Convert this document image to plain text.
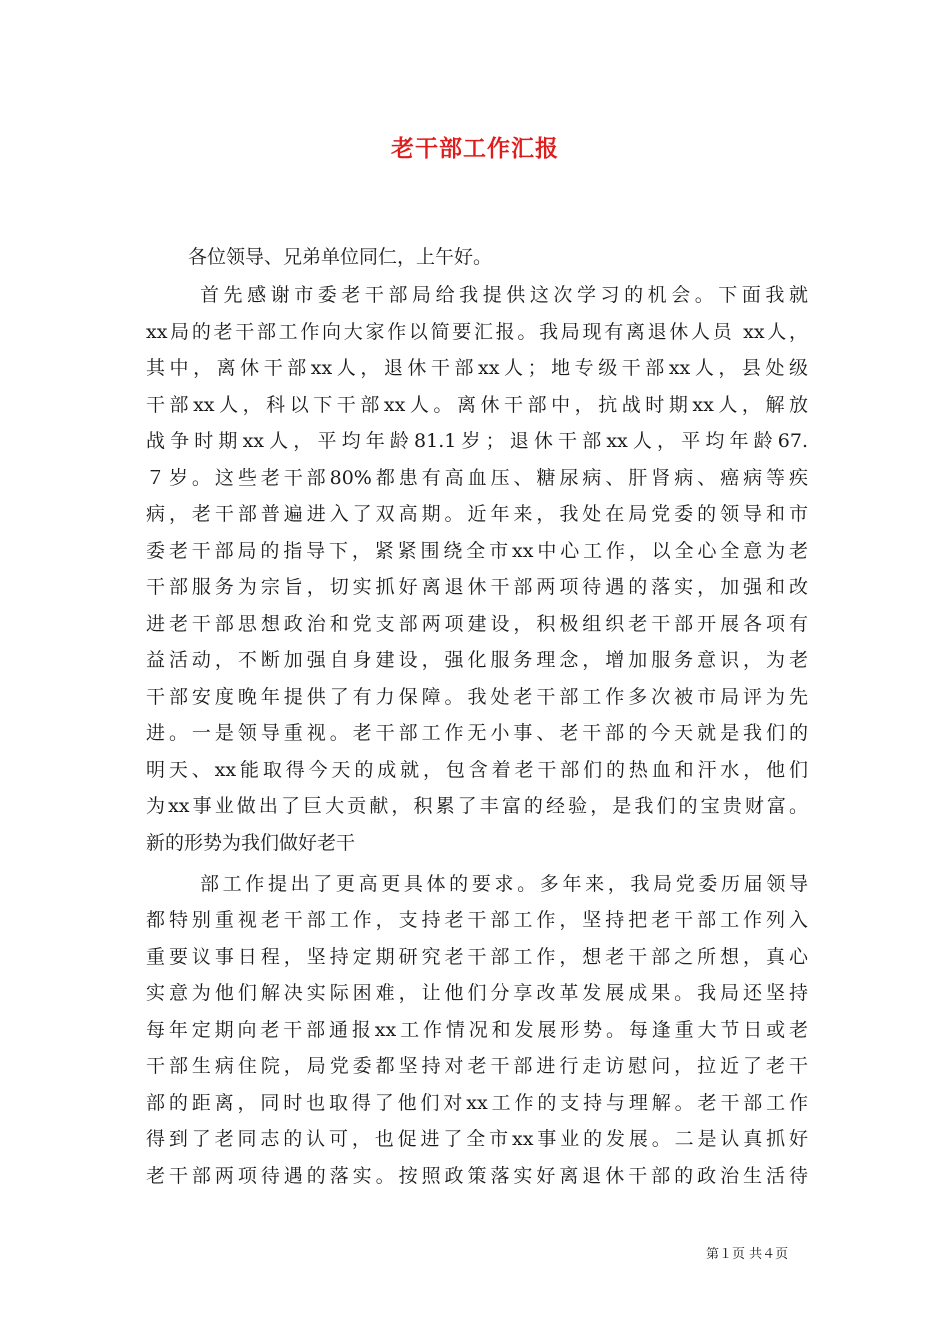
老干部工作汇报
各位领导、兄弟单位同仁，上午好。
首先感谢市委老干部局给我提供这次学习的机会。下面我就
xx局的老干部工作向大家作以简要汇报。我局现有离退休人员 xx人，
其中，离休干部xx人，退休干部xx人；地专级干部xx人，县处级
干部xx人，科以下干部xx人。离休干部中，抗战时期xx人，解放
战争时期xx人，平均年龄81.1岁；退休干部xx人，平均年龄67.
７岁。这些老干部80%都患有高血压、糖尿病、肝肾病、癌病等疾
病，老干部普遍进入了双高期。近年来，我处在局党委的领导和市
委老干部局的指导下，紧紧围绕全市xx中心工作，以全心全意为老
干部服务为宗旨，切实抓好离退休干部两项待遇的落实，加强和改
进老干部思想政治和党支部两项建设，积极组织老干部开展各项有
益活动，不断加强自身建设，强化服务理念，增加服务意识，为老
干部安度晚年提供了有力保障。我处老干部工作多次被市局评为先
进。一是领导重视。老干部工作无小事、老干部的今天就是我们的
明天、xx能取得今天的成就，包含着老干部们的热血和汗水，他们
为xx事业做出了巨大贡献，积累了丰富的经验，是我们的宝贵财富。
新的形势为我们做好老干
部工作提出了更高更具体的要求。多年来，我局党委历届领导
都特别重视老干部工作，支持老干部工作，坚持把老干部工作列入
重要议事日程，坚持定期研究老干部工作，想老干部之所想，真心
实意为他们解决实际困难，让他们分享改革发展成果。我局还坚持
每年定期向老干部通报xx工作情况和发展形势。每逢重大节日或老
干部生病住院，局党委都坚持对老干部进行走访慰问，拉近了老干
部的距离，同时也取得了他们对xx工作的支持与理解。老干部工作
得到了老同志的认可，也促进了全市xx事业的发展。二是认真抓好
老干部两项待遇的落实。按照政策落实好离退休干部的政治生活待
第１页 共４页
